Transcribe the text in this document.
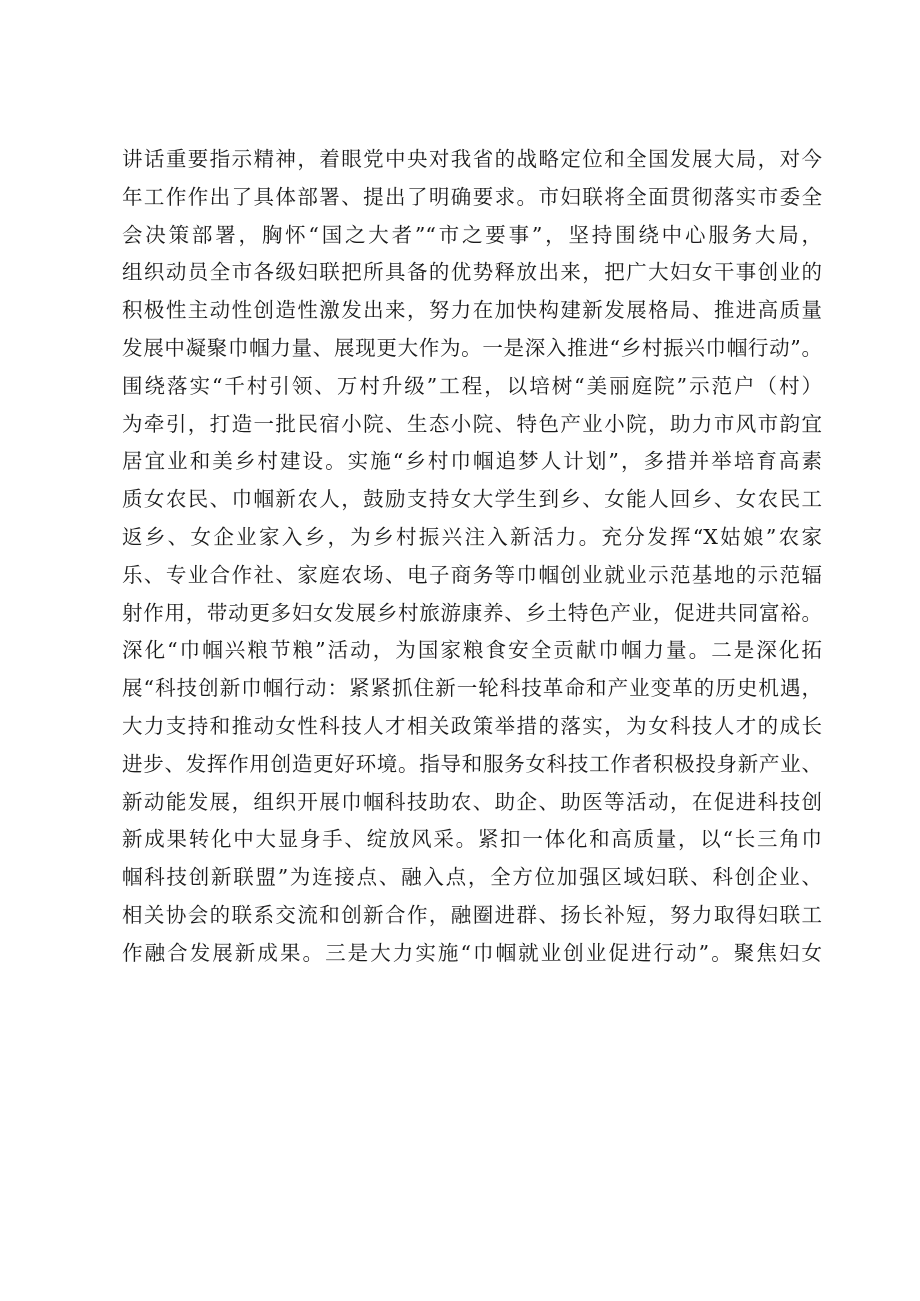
讲话重要指示精神，着眼党中央对我省的战略定位和全国发展大局，对今
年工作作出了具体部署、提出了明确要求。市妇联将全面贯彻落实市委全
会决策部署，胸怀“国之大者”“市之要事”，坚持围绕中心服务大局，
组织动员全市各级妇联把所具备的优势释放出来，把广大妇女干事创业的
积极性主动性创造性激发出来，努力在加快构建新发展格局、推进高质量
发展中凝聚巾帼力量、展现更大作为。一是深入推进“乡村振兴巾帼行动”。
围绕落实“千村引领、万村升级”工程，以培树“美丽庭院”示范户（村）
为牵引，打造一批民宿小院、生态小院、特色产业小院，助力市风市韵宜
居宜业和美乡村建设。实施“乡村巾帼追梦人计划”，多措并举培育高素
质女农民、巾帼新农人，鼓励支持女大学生到乡、女能人回乡、女农民工
返乡、女企业家入乡，为乡村振兴注入新活力。充分发挥“X姑娘”农家
乐、专业合作社、家庭农场、电子商务等巾帼创业就业示范基地的示范辐
射作用，带动更多妇女发展乡村旅游康养、乡土特色产业，促进共同富裕。
深化“巾帼兴粮节粮”活动，为国家粮食安全贡献巾帼力量。二是深化拓
展“科技创新巾帼行动：紧紧抓住新一轮科技革命和产业变革的历史机遇，
大力支持和推动女性科技人才相关政策举措的落实，为女科技人才的成长
进步、发挥作用创造更好环境。指导和服务女科技工作者积极投身新产业、
新动能发展，组织开展巾帼科技助农、助企、助医等活动，在促进科技创
新成果转化中大显身手、绽放风采。紧扣一体化和高质量，以“长三角巾
帼科技创新联盟”为连接点、融入点，全方位加强区域妇联、科创企业、
相关协会的联系交流和创新合作，融圈进群、扬长补短，努力取得妇联工
作融合发展新成果。三是大力实施“巾帼就业创业促进行动”。聚焦妇女
